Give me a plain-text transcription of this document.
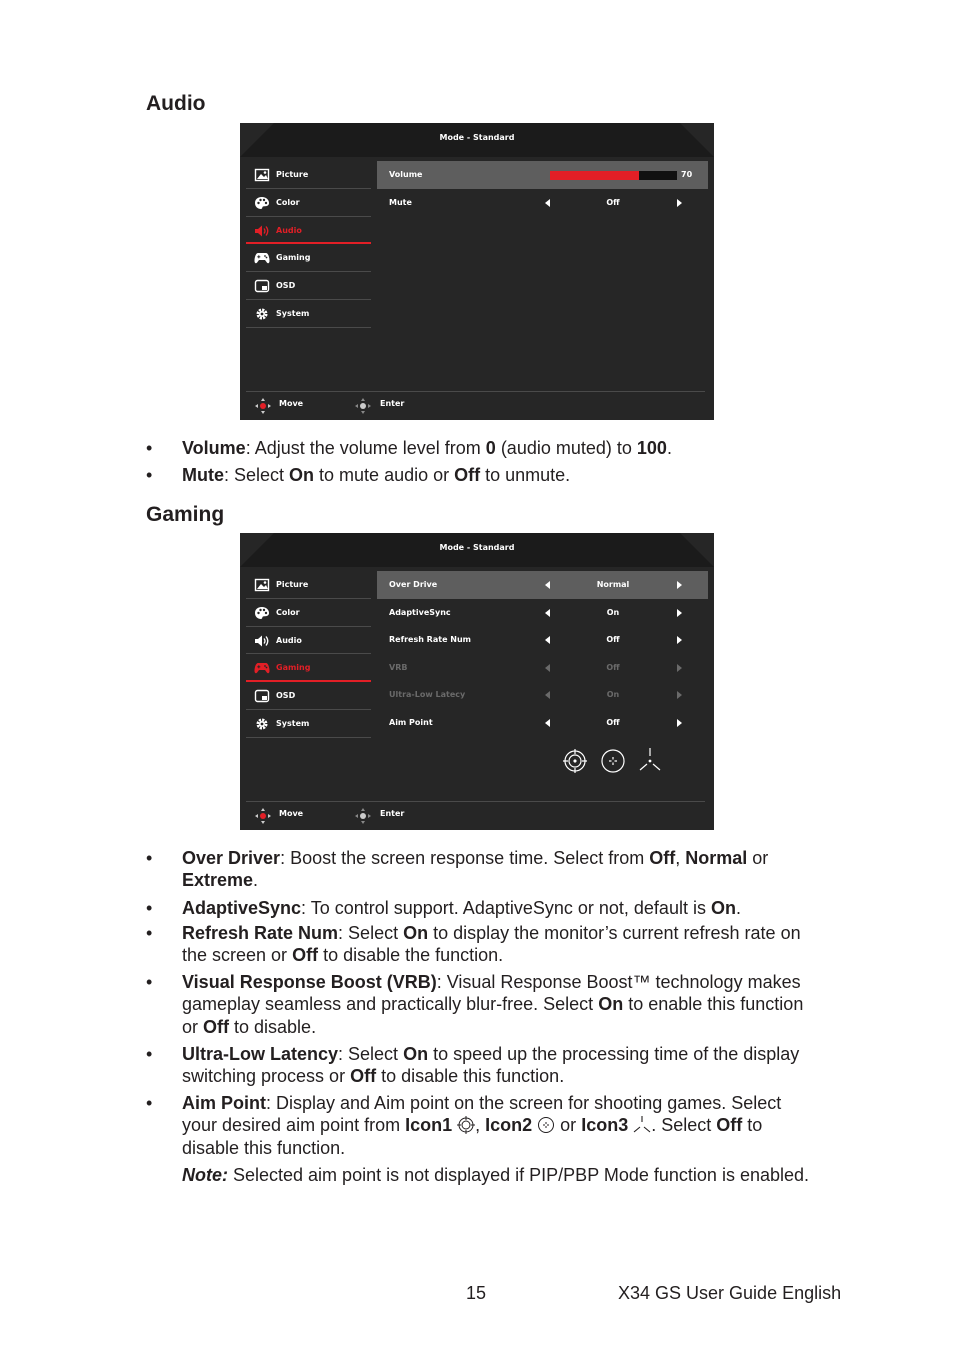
Audio
Mode - Standard
Picture
Color
Audio
Gaming
OSD
System
Volume	70
Mute	Off
Move	Enter
• Volume: Adjust the volume level from 0 (audio muted) to 100.
• Mute: Select On to mute audio or Off to unmute.
Gaming
Mode - Standard
Picture
Color
Audio
Gaming
OSD
System
Over Drive	Normal
AdaptiveSync	On
Refresh Rate Num	Off
VRB	Off
Ultra-Low Latecy	On
Aim Point	Off
Move	Enter
• Over Driver: Boost the screen response time. Select from Off, Normal or
Extreme.
• AdaptiveSync: To control support. AdaptiveSync or not, default is On.
• Refresh Rate Num: Select On to display the monitor’s current refresh rate on
the screen or Off to disable the function.
• Visual Response Boost (VRB): Visual Response Boost™ technology makes
gameplay seamless and practically blur-free. Select On to enable this function
or Off to disable.
• Ultra-Low Latency: Select On to speed up the processing time of the display
switching process or Off to disable this function.
• Aim Point: Display and Aim point on the screen for shooting games. Select
your desired aim point from Icon1 , Icon2  or Icon3 . Select Off to
disable this function.
Note: Selected aim point is not displayed if PIP/PBP Mode function is enabled.
15	X34 GS User Guide English
